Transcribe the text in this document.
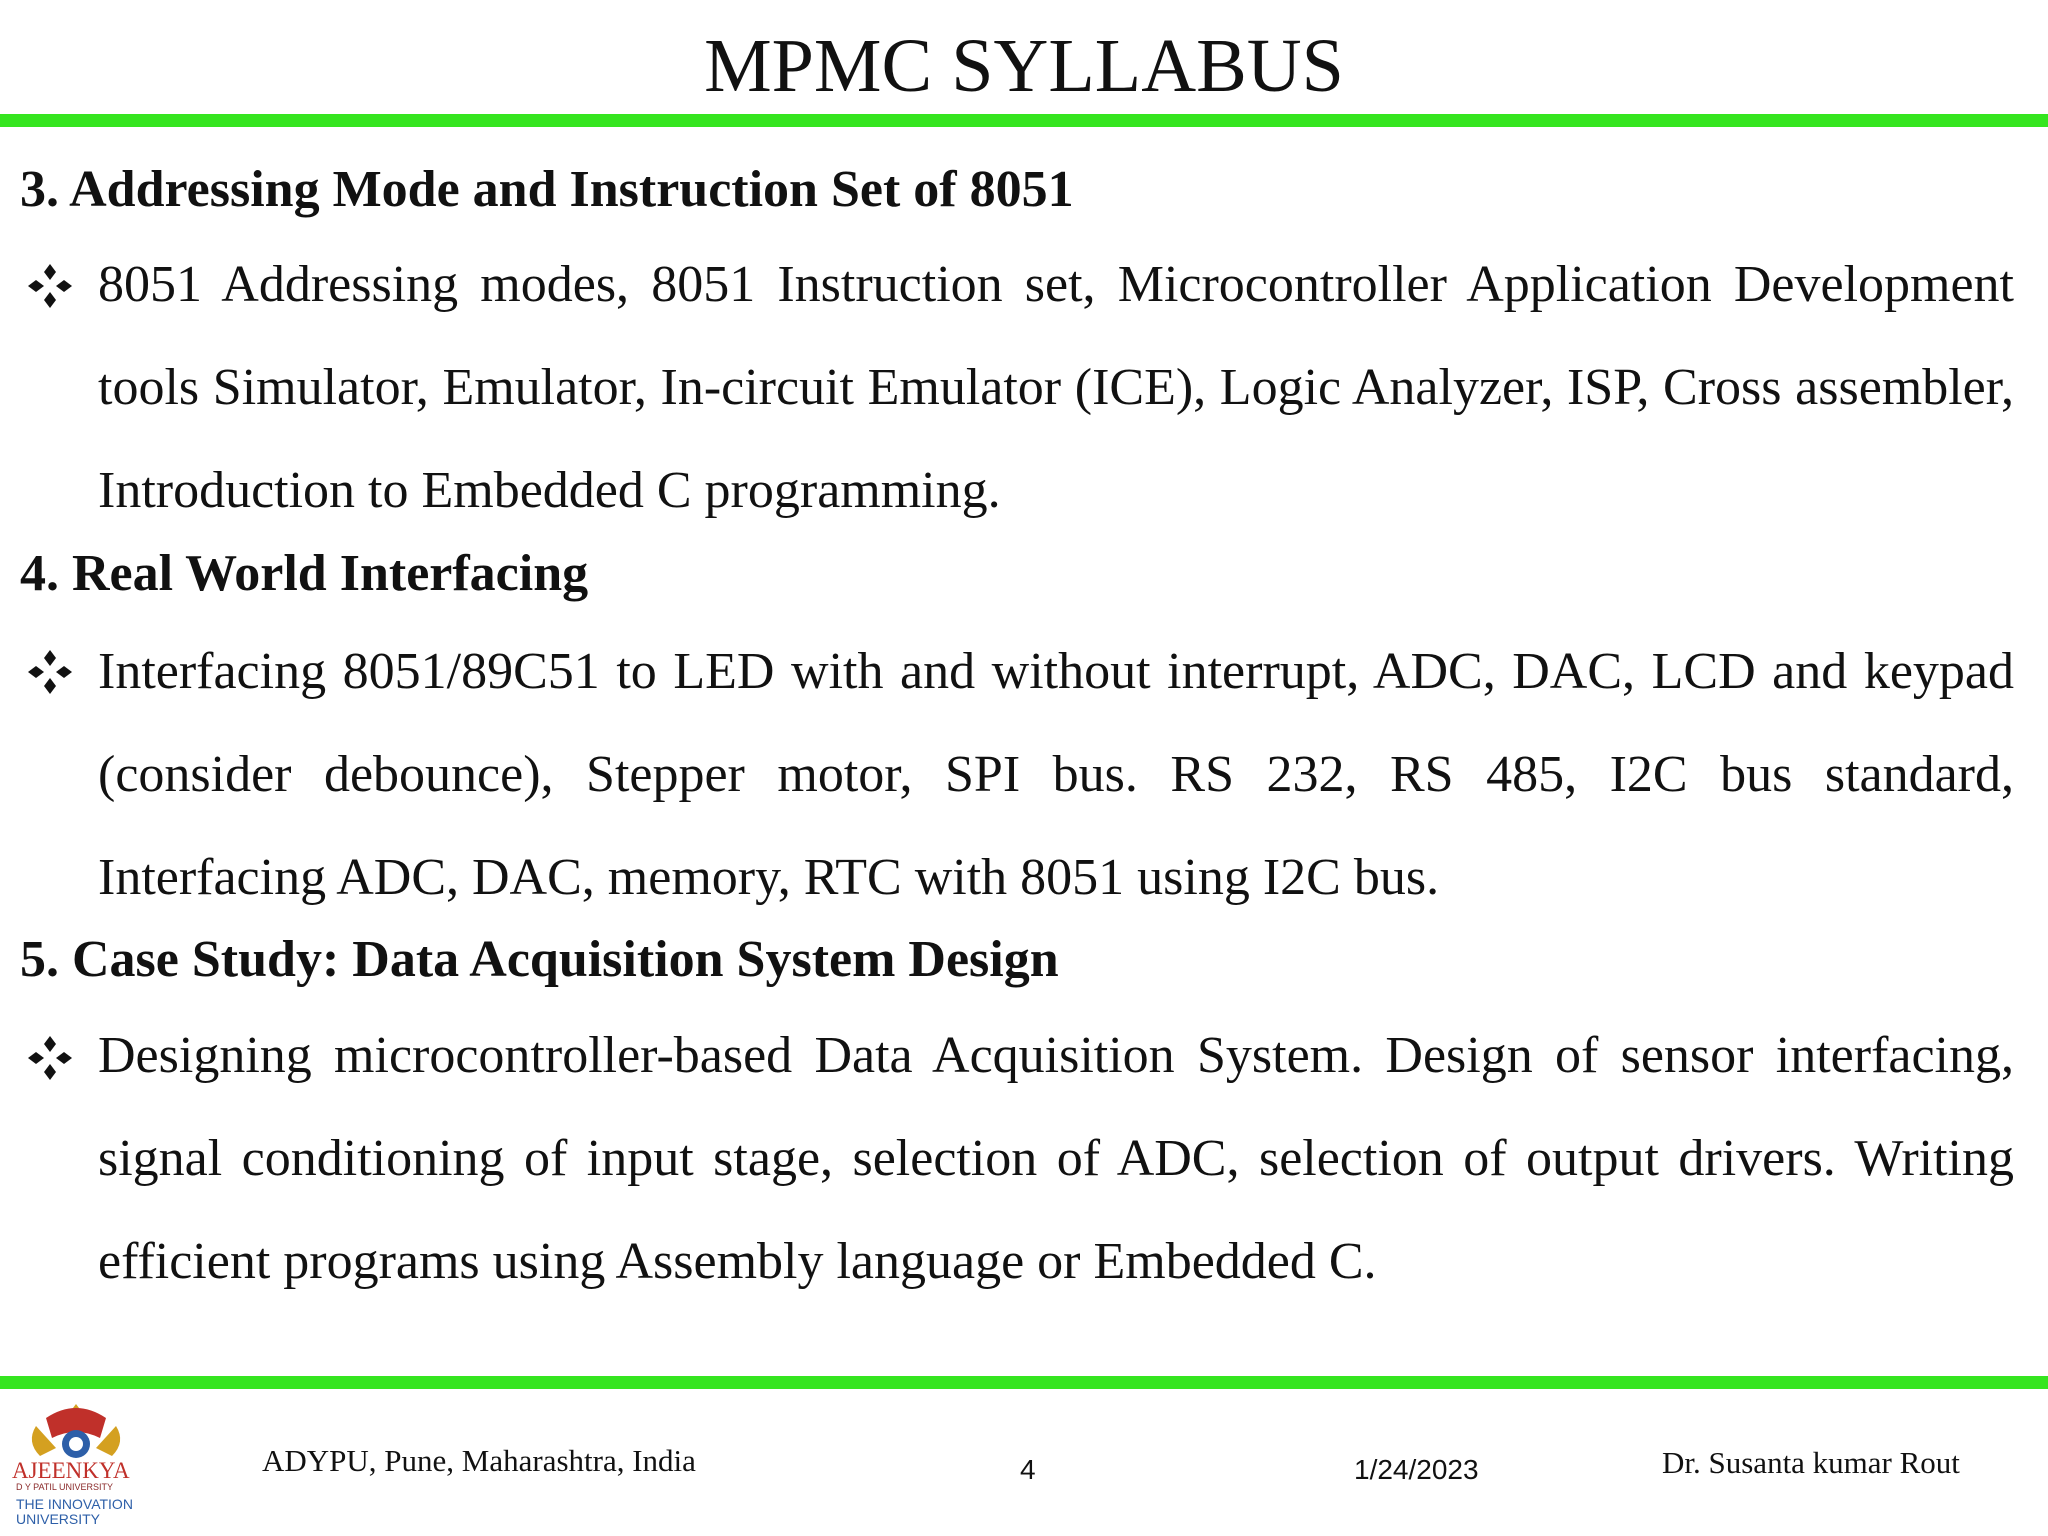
MPMC SYLLABUS
3. Addressing Mode and Instruction Set of 8051

8051 Addressing modes, 8051 Instruction set, Microcontroller Application Development tools Simulator, Emulator, In-circuit Emulator (ICE), Logic Analyzer, ISP, Cross assembler, Introduction to Embedded C programming.

4. Real World Interfacing

Interfacing 8051/89C51 to LED with and without interrupt, ADC, DAC, LCD and keypad (consider debounce), Stepper motor, SPI bus. RS 232, RS 485, I2C bus standard, Interfacing ADC, DAC, memory, RTC with 8051 using I2C bus.

5. Case Study: Data Acquisition System Design

Designing microcontroller-based Data Acquisition System. Design of sensor interfacing, signal conditioning of input stage, selection of ADC, selection of output drivers. Writing efficient programs using Assembly language or Embedded C.

AJEENKYA
D Y PATIL UNIVERSITY
THE INNOVATION UNIVERSITY
ADYPU, Pune, Maharashtra, India	4	1/24/2023	Dr. Susanta kumar Rout
